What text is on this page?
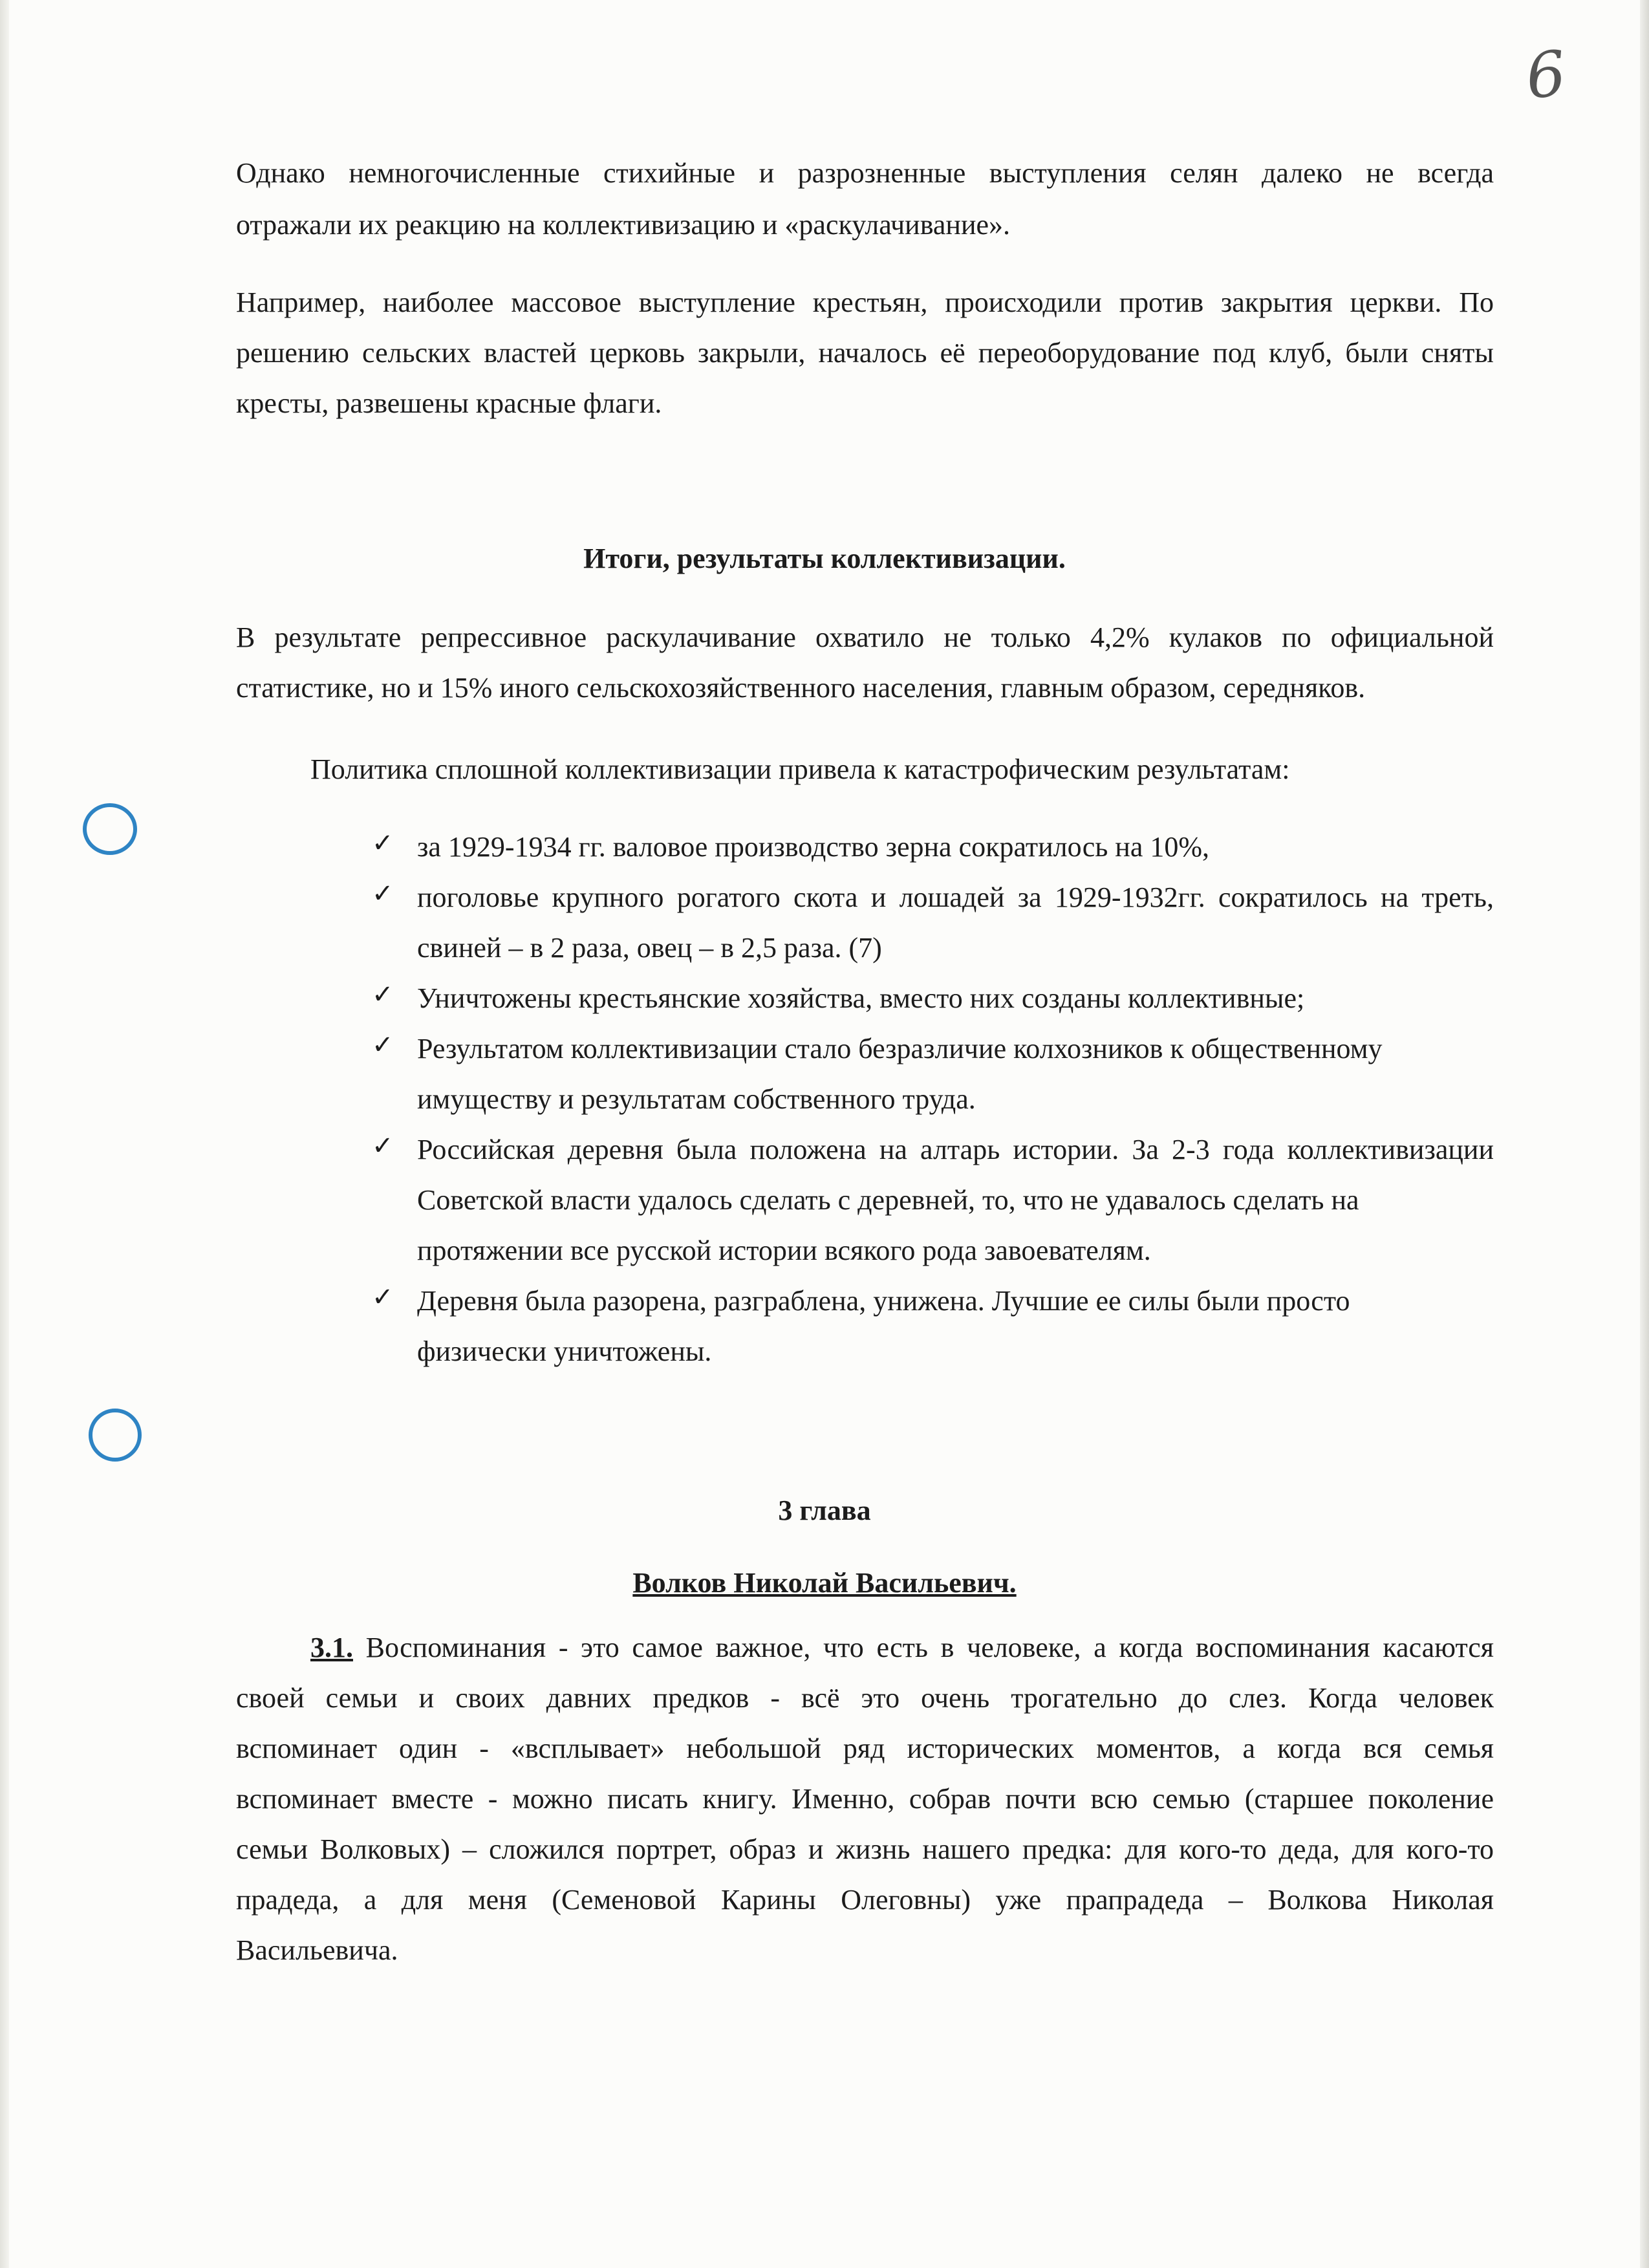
6
Однако немногочисленные стихийные и разрозненные выступления селян далеко не всегда
отражали их реакцию на коллективизацию и «раскулачивание».
Например, наиболее массовое выступление крестьян, происходили против закрытия церкви. По
решению сельских властей церковь закрыли, началось её переоборудование под клуб, были сняты
кресты, развешены красные флаги.
Итоги, результаты коллективизации.
В результате репрессивное раскулачивание охватило не только 4,2% кулаков по официальной
статистике, но и 15% иного сельскохозяйственного населения, главным образом, середняков.
Политика сплошной коллективизации привела к катастрофическим результатам:
✓ за 1929-1934 гг. валовое производство зерна сократилось на 10%,
✓ поголовье крупного рогатого скота и лошадей за 1929-1932гг. сократилось на треть,
свиней – в 2 раза, овец – в 2,5 раза. (7)
✓ Уничтожены крестьянские хозяйства, вместо них созданы коллективные;
✓ Результатом коллективизации стало безразличие колхозников к общественному
имуществу и результатам собственного труда.
✓ Российская деревня была положена на алтарь истории. За 2-3 года коллективизации
Советской власти удалось сделать с деревней, то, что не удавалось сделать на
протяжении все русской истории всякого рода завоевателям.
✓ Деревня была разорена, разграблена, унижена. Лучшие ее силы были просто
физически уничтожены.
3 глава
Волков Николай Васильевич.
3.1. Воспоминания - это самое важное, что есть в человеке, а когда воспоминания касаются
своей семьи и своих давних предков - всё это очень трогательно до слез. Когда человек
вспоминает один - «всплывает» небольшой ряд исторических моментов, а когда вся семья
вспоминает вместе - можно писать книгу. Именно, собрав почти всю семью (старшее поколение
семьи Волковых) – сложился портрет, образ и жизнь нашего предка: для кого-то деда, для кого-то
прадеда, а для меня (Семеновой Карины Олеговны) уже прапрадеда – Волкова Николая
Васильевича.
